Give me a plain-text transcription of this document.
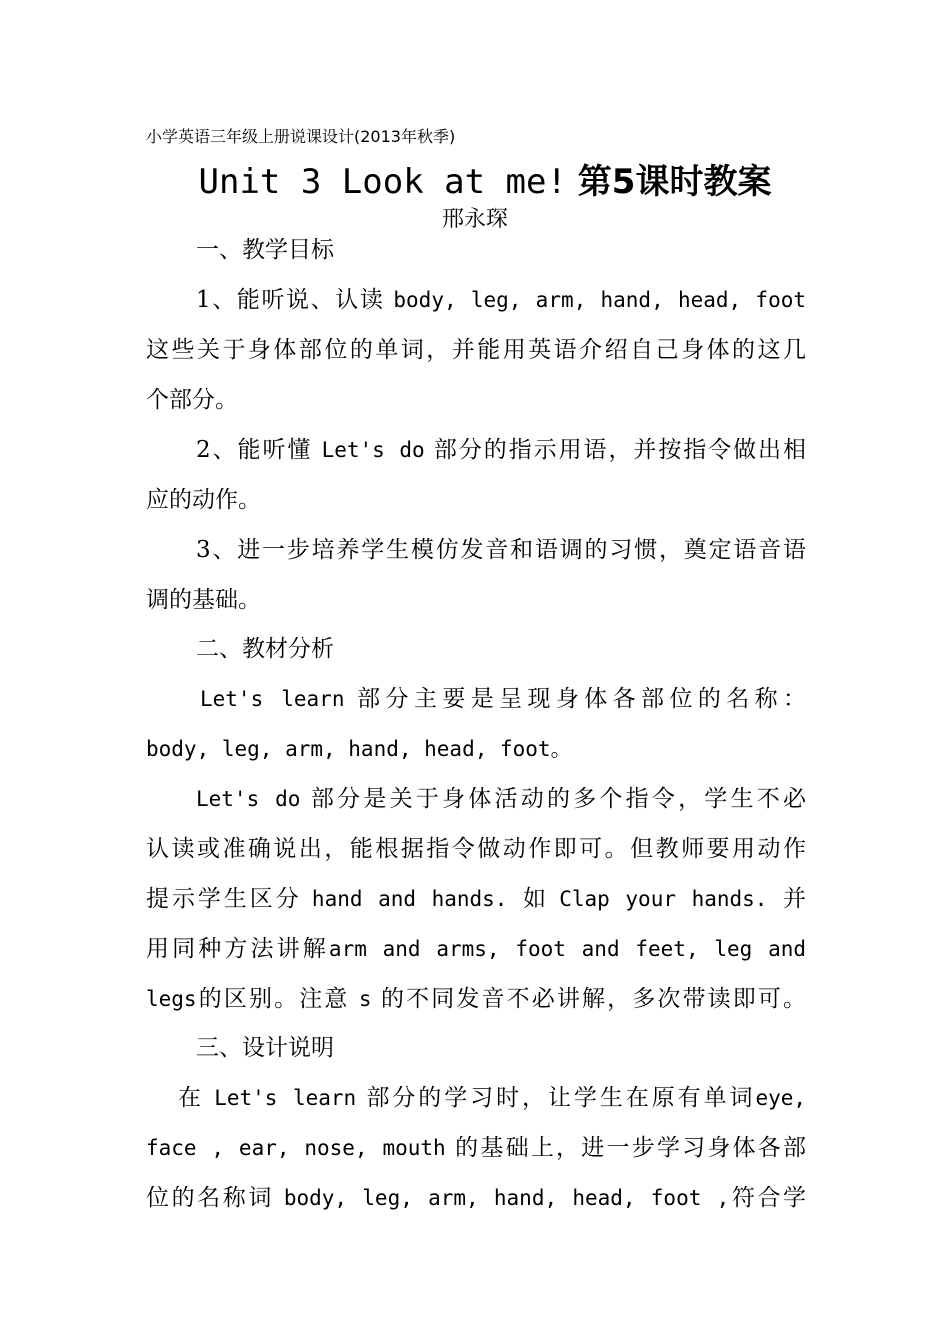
小学英语三年级上册说课设计(2013年秋季)
Unit 3 Look at me! 第5课时教案
邢永琛
一、教学目标
1、能听说、认读 body, leg, arm, hand, head, foot
这些关于身体部位的单词，并能用英语介绍自己身体的这几
个部分。
2、能听懂 Let's do 部分的指示用语，并按指令做出相
应的动作。
3、进一步培养学生模仿发音和语调的习惯，奠定语音语
调的基础。
二、教材分析
Let's learn 部分主要是呈现身体各部位的名称：
body, leg, arm, hand, head, foot。
Let's do 部分是关于身体活动的多个指令，学生不必
认读或准确说出，能根据指令做动作即可。但教师要用动作
提示学生区分 hand and hands. 如 Clap your hands. 并
用同种方法讲解arm and arms, foot and feet, leg and
legs的区别。注意 s 的不同发音不必讲解，多次带读即可。
三、设计说明
在 Let's learn 部分的学习时，让学生在原有单词eye,
face , ear, nose, mouth 的基础上，进一步学习身体各部
位的名称词 body, leg, arm, hand, head, foot ,符合学
